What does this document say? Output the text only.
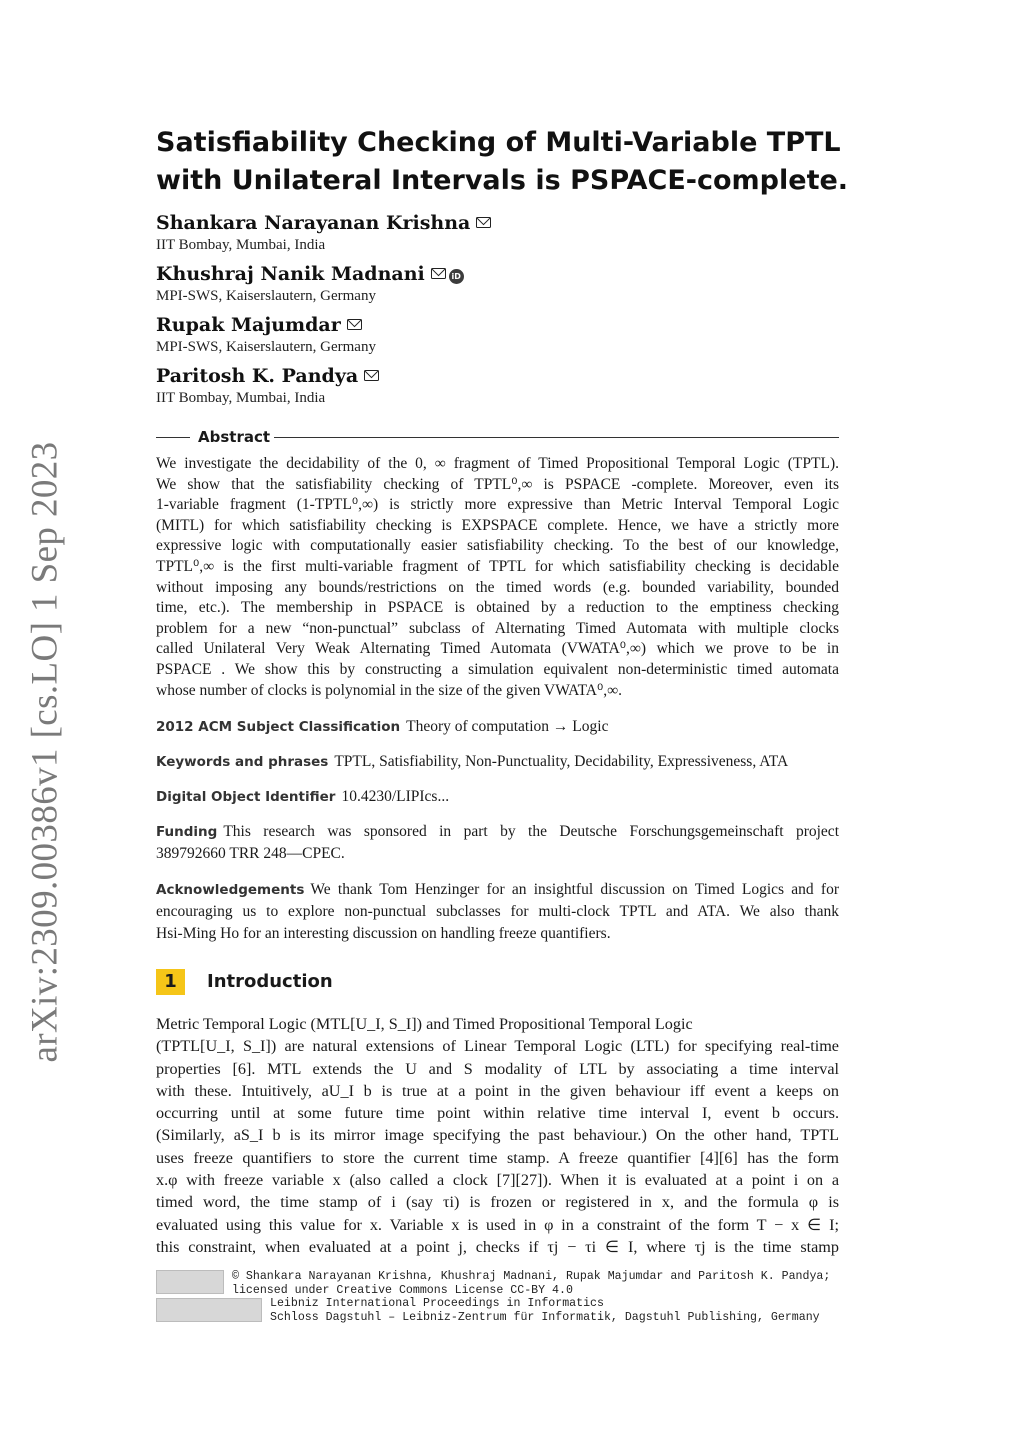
arXiv:2309.00386v1 [cs.LO] 1 Sep 2023
Satisfiability Checking of Multi-Variable TPTL
with Unilateral Intervals is PSPACE-complete.
Shankara Narayanan Krishna
IIT Bombay, Mumbai, India
Khushraj Nanik Madnani	iD
MPI-SWS, Kaiserslautern, Germany
Rupak Majumdar
MPI-SWS, Kaiserslautern, Germany
Paritosh K. Pandya
IIT Bombay, Mumbai, India
Abstract
We investigate the decidability of the 0, ∞ fragment of Timed Propositional Temporal Logic (TPTL).
We show that the satisfiability checking of TPTL⁰,∞ is PSPACE -complete. Moreover, even its
1-variable fragment (1-TPTL⁰,∞) is strictly more expressive than Metric Interval Temporal Logic
(MITL) for which satisfiability checking is EXPSPACE complete. Hence, we have a strictly more
expressive logic with computationally easier satisfiability checking. To the best of our knowledge,
TPTL⁰,∞ is the first multi-variable fragment of TPTL for which satisfiability checking is decidable
without imposing any bounds/restrictions on the timed words (e.g. bounded variability, bounded
time, etc.). The membership in PSPACE is obtained by a reduction to the emptiness checking
problem for a new “non-punctual” subclass of Alternating Timed Automata with multiple clocks
called Unilateral Very Weak Alternating Timed Automata (VWATA⁰,∞) which we prove to be in
PSPACE . We show this by constructing a simulation equivalent non-deterministic timed automata
whose number of clocks is polynomial in the size of the given VWATA⁰,∞.
2012 ACM Subject Classification Theory of computation → Logic
Keywords and phrases TPTL, Satisfiability, Non-Punctuality, Decidability, Expressiveness, ATA
Digital Object Identifier 10.4230/LIPIcs...
Funding This research was sponsored in part by the Deutsche Forschungsgemeinschaft project
389792660 TRR 248—CPEC.
Acknowledgements We thank Tom Henzinger for an insightful discussion on Timed Logics and for
encouraging us to explore non-punctual subclasses for multi-clock TPTL and ATA. We also thank
Hsi-Ming Ho for an interesting discussion on handling freeze quantifiers.
1	Introduction
Metric Temporal Logic (MTL[U_I, S_I]) and Timed Propositional Temporal Logic
(TPTL[U_I, S_I]) are natural extensions of Linear Temporal Logic (LTL) for specifying real-time
properties [6]. MTL extends the U and S modality of LTL by associating a time interval
with these. Intuitively, aU_I b is true at a point in the given behaviour iff event a keeps on
occurring until at some future time point within relative time interval I, event b occurs.
(Similarly, aS_I b is its mirror image specifying the past behaviour.) On the other hand, TPTL
uses freeze quantifiers to store the current time stamp. A freeze quantifier [4][6] has the form
x.φ with freeze variable x (also called a clock [7][27]). When it is evaluated at a point i on a
timed word, the time stamp of i (say τi) is frozen or registered in x, and the formula φ is
evaluated using this value for x. Variable x is used in φ in a constraint of the form T − x ∈ I;
this constraint, when evaluated at a point j, checks if τj − τi ∈ I, where τj is the time stamp
© Shankara Narayanan Krishna, Khushraj Madnani, Rupak Majumdar and Paritosh K. Pandya;
licensed under Creative Commons License CC-BY 4.0
Leibniz International Proceedings in Informatics
Schloss Dagstuhl – Leibniz-Zentrum für Informatik, Dagstuhl Publishing, Germany
